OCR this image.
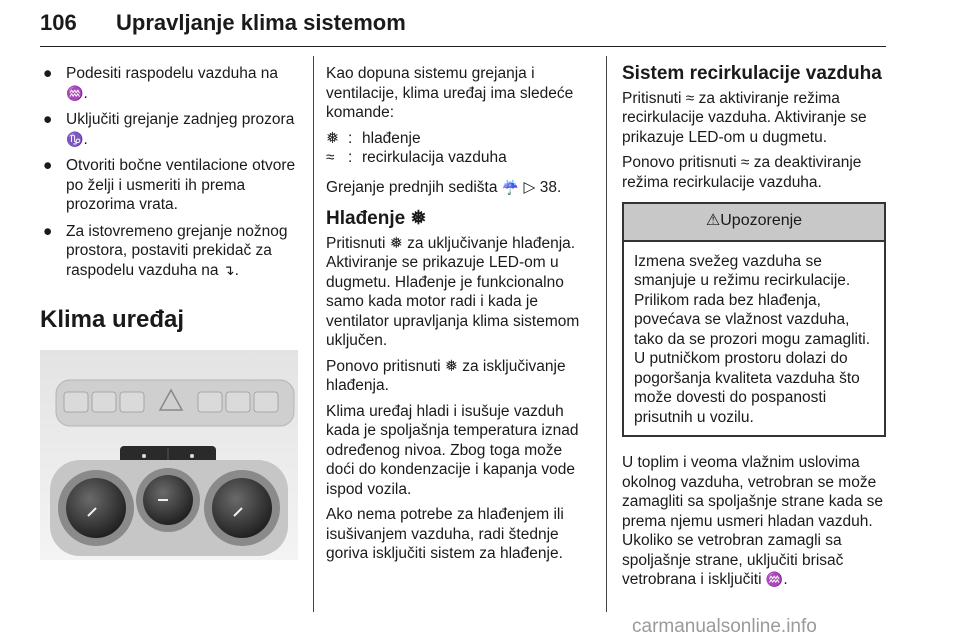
106 Upravljanje klima sistemom
● Podesiti raspodelu vazduha na
♒.
● Uključiti grejanje zadnjeg prozora
♑.
● Otvoriti bočne ventilacione otvore po želji i usmeriti ih prema prozorima vrata.
● Za istovremeno grejanje nožnog prostora, postaviti prekidač za raspodelu vazduha na ↴.
Klima uređaj

Kao dopuna sistemu grejanja i ventilacije, klima uređaj ima sledeće komande:

❅ : hlađenje
≈ : recirkulacija vazduha

Grejanje prednjih sedišta ☔ ▷ 38.

Hlađenje ❅

Pritisnuti ❅ za uključivanje hlađenja. Aktiviranje se prikazuje LED-om u dugmetu. Hlađenje je funkcionalno samo kada motor radi i kada je ventilator upravljanja klima sistemom uključen.

Ponovo pritisnuti ❅ za isključivanje hlađenja.

Klima uređaj hladi i isušuje vazduh kada je spoljašnja temperatura iznad određenog nivoa. Zbog toga može doći do kondenzacije i kapanja vode ispod vozila.

Ako nema potrebe za hlađenjem ili isušivanjem vazduha, radi štednje goriva isključiti sistem za hlađenje.

Sistem recirkulacije vazduha

Pritisnuti ≈ za aktiviranje režima recirkulacije vazduha. Aktiviranje se prikazuje LED-om u dugmetu.

Ponovo pritisnuti ≈ za deaktiviranje režima recirkulacije vazduha.

⚠Upozorenje
Izmena svežeg vazduha se smanjuje u režimu recirkulacije. Prilikom rada bez hlađenja, povećava se vlažnost vazduha, tako da se prozori mogu zamagliti. U putničkom prostoru dolazi do pogoršanja kvaliteta vazduha što može dovesti do pospanosti prisutnih u vozilu.

U toplim i veoma vlažnim uslovima okolnog vazduha, vetrobran se može zamagliti sa spoljašnje strane kada se prema njemu usmeri hladan vazduh. Ukoliko se vetrobran zamagli sa spoljašnje strane, uključiti brisač vetrobrana i isključiti ♒.

carmanualsonline.info
